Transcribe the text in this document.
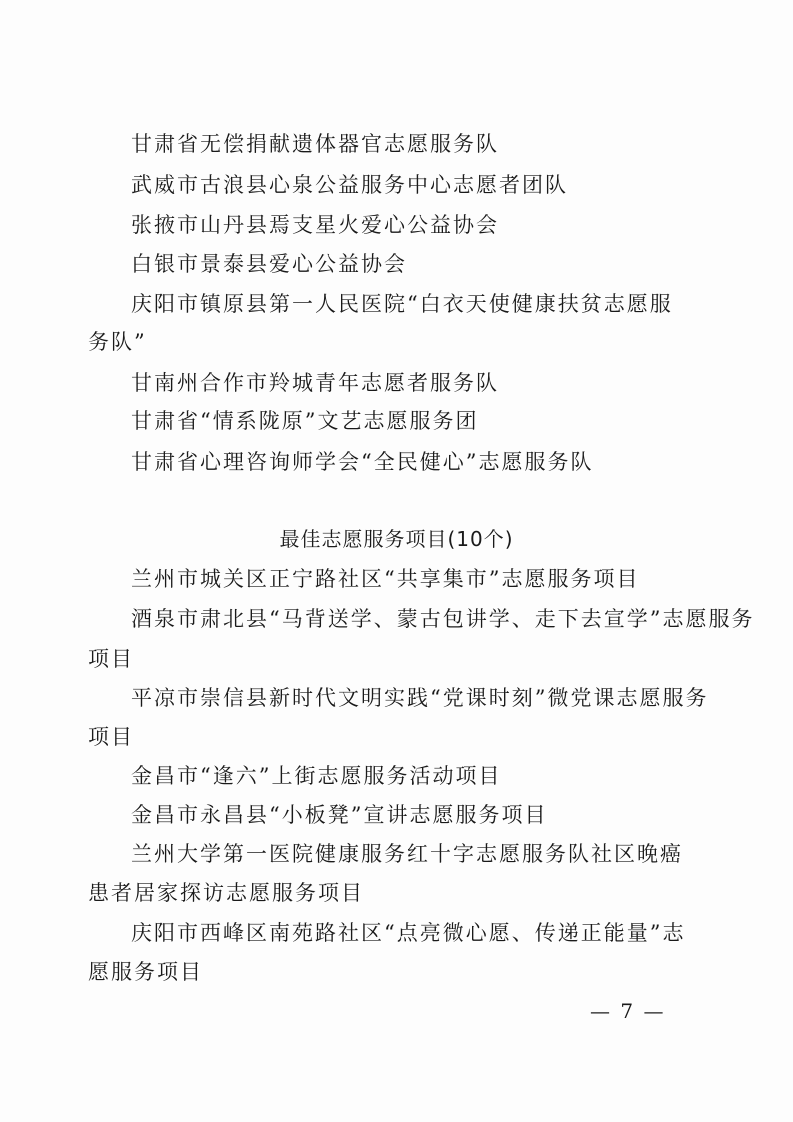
甘肃省无偿捐献遗体器官志愿服务队
武威市古浪县心泉公益服务中心志愿者团队
张掖市山丹县焉支星火爱心公益协会
白银市景泰县爱心公益协会
庆阳市镇原县第一人民医院“白衣天使健康扶贫志愿服
务队”
甘南州合作市羚城青年志愿者服务队
甘肃省“情系陇原”文艺志愿服务团
甘肃省心理咨询师学会“全民健心”志愿服务队
最佳志愿服务项目(10个)
兰州市城关区正宁路社区“共享集市”志愿服务项目
酒泉市肃北县“马背送学、蒙古包讲学、走下去宣学”志愿服务
项目
平凉市崇信县新时代文明实践“党课时刻”微党课志愿服务
项目
金昌市“逢六”上街志愿服务活动项目
金昌市永昌县“小板凳”宣讲志愿服务项目
兰州大学第一医院健康服务红十字志愿服务队社区晚癌
患者居家探访志愿服务项目
庆阳市西峰区南苑路社区“点亮微心愿、传递正能量”志
愿服务项目
— 7 —
